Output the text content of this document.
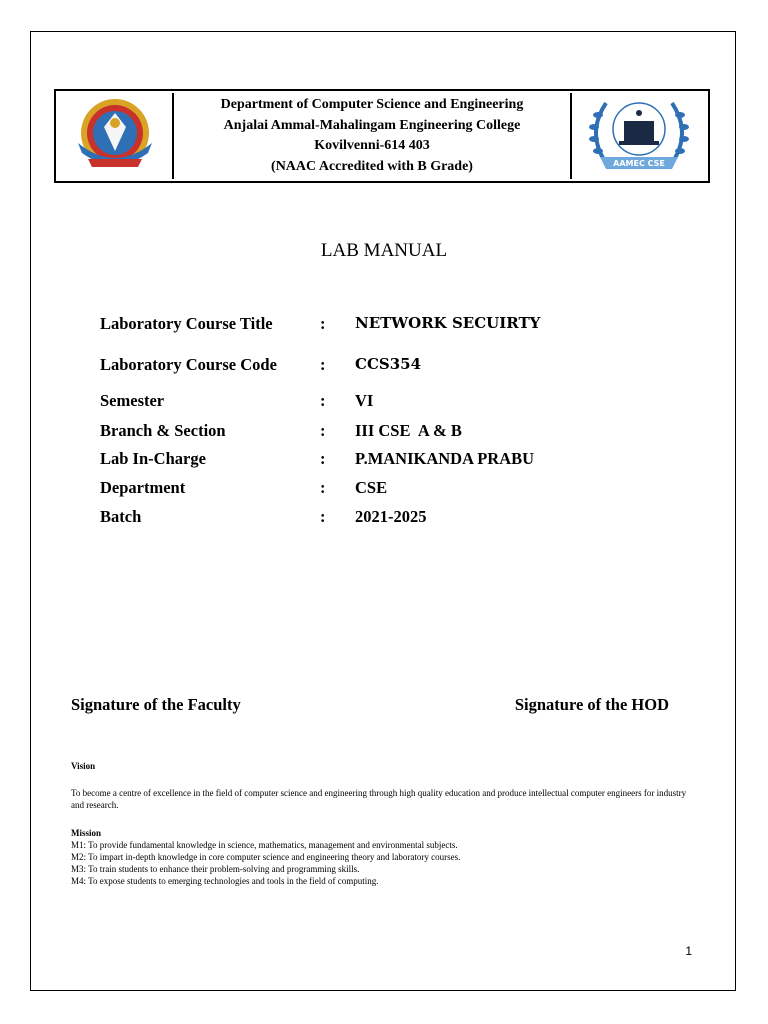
Department of Computer Science and Engineering
Anjalai Ammal-Mahalingam Engineering College
Kovilvenni-614 403
(NAAC Accredited with B Grade)	AAMEC CSE
LAB MANUAL
Laboratory Course Title	: NETWORK SECUIRTY
Laboratory Course Code	: CCS354
Semester	: VI
Branch & Section	: III CSE  A & B
Lab In-Charge	: P.MANIKANDA PRABU
Department	: CSE
Batch	: 2021-2025
Signature of the Faculty	Signature of the HOD
Vision
To become a centre of excellence in the field of computer science and engineering through high quality education and produce intellectual computer engineers for industry and research.
Mission
M1: To provide fundamental knowledge in science, mathematics, management and environmental subjects.
M2: To impart in-depth knowledge in core computer science and engineering theory and laboratory courses.
M3: To train students to enhance their problem-solving and programming skills.
M4: To expose students to emerging technologies and tools in the field of computing.
1
